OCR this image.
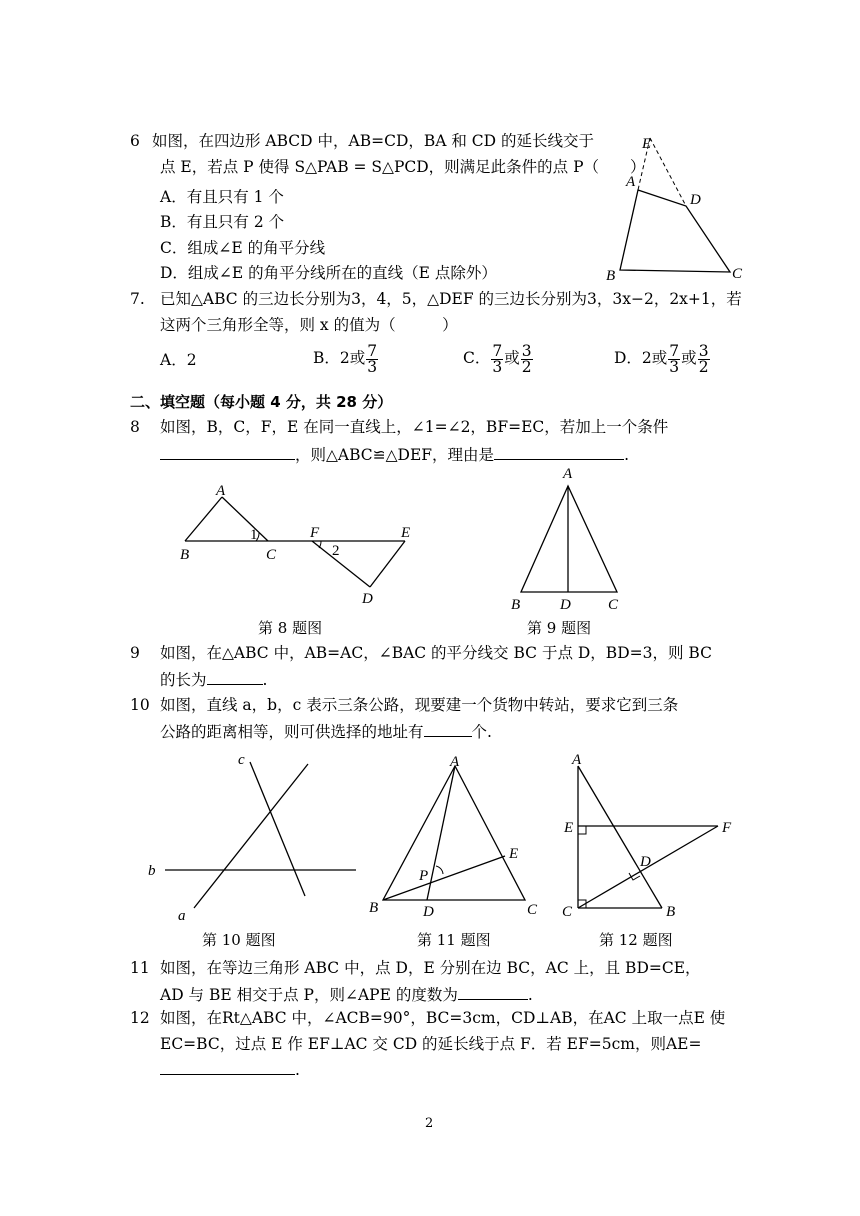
6 如图，在四边形 ABCD 中，AB=CD，BA 和 CD 的延长线交于
点 E，若点 P 使得 S△PAB = S△PCD，则满足此条件的点 P（　　）
A．有且只有 1 个
B．有且只有 2 个
C．组成∠E 的角平分线
D．组成∠E 的角平分线所在的直线（E 点除外）
E
A
D
B	C
7. 已知△ABC 的三边长分别为3，4，5，△DEF 的三边长分别为3，3x−2，2x+1，若
这两个三角形全等，则 x 的值为（　　　）
A．2	B．2或 $\frac{7}{3}$	C． $\frac{7}{3}$ 或 $\frac{3}{2}$	D．2或 $\frac{7}{3}$ 或 $\frac{3}{2}$
二、填空题（每小题 4 分，共 28 分）
8 如图，B，C，F，E 在同一直线上，∠1=∠2，BF=EC，若加上一个条件
，则△ABC≌△DEF，理由是	.
A
1
B	C
F
2
E
D
第 8 题图
A
B	D C
第 9 题图
9 如图，在△ABC 中，AB=AC，∠BAC 的平分线交 BC 于点 D，BD=3，则 BC
的长为	.
10 如图，直线 a，b，c 表示三条公路，现要建一个货物中转站，要求它到三条
公路的距离相等，则可供选择的地址有	个.
c
b
a
第 10 题图
A
E
P
B	D	C
第 11 题图
A
E	F
D
C	B
第 12 题图
11 如图，在等边三角形 ABC 中，点 D，E 分别在边 BC，AC 上，且 BD=CE，
AD 与 BE 相交于点 P，则∠APE 的度数为	.
12 如图，在Rt△ABC 中，∠ACB=90°，BC=3cm，CD⊥AB，在AC 上取一点E 使
EC=BC，过点 E 作 EF⊥AC 交 CD 的延长线于点 F．若 EF=5cm，则AE=
.
2
